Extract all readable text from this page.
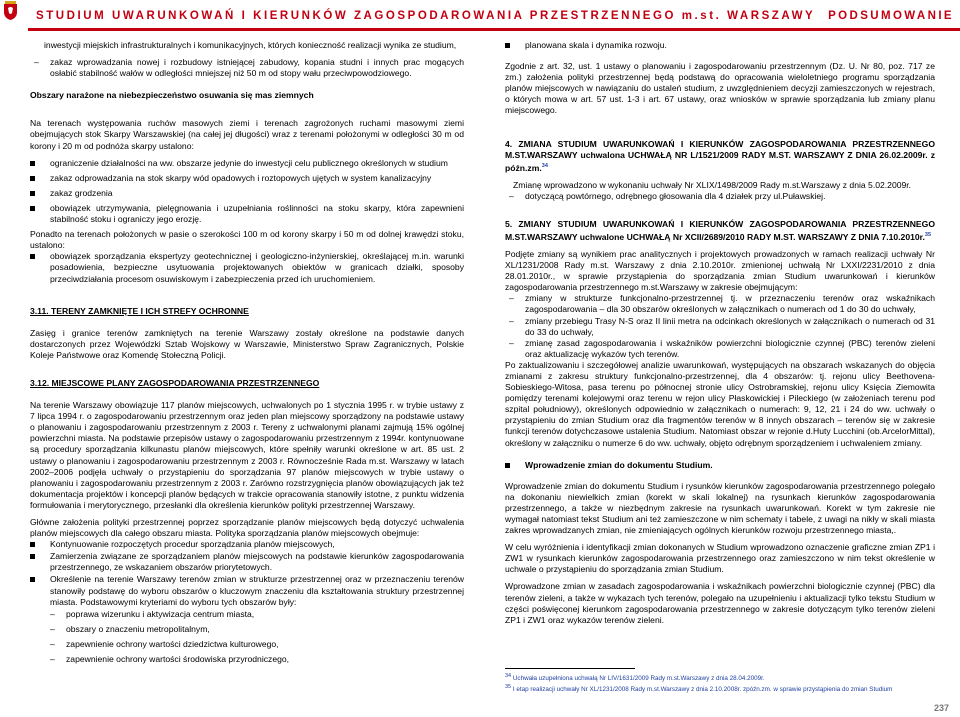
STUDIUM UWARUNKOWAŃ I KIERUNKÓW ZAGOSPODAROWANIA PRZESTRZENNEGO m.st. WARSZAWY PODSUMOWANIE

inwestycji miejskich infrastrukturalnych i komunikacyjnych, których konieczność realizacji wynika ze studium,

– zakaz wprowadzania nowej i rozbudowy istniejącej zabudowy, kopania studni i innych prac mogących osłabić stabilność wałów w odległości mniejszej niż 50 m od stopy wału przeciwpowodziowego.

Obszary narażone na niebezpieczeństwo osuwania się mas ziemnych

Na terenach występowania ruchów masowych ziemi i terenach zagrożonych ruchami masowymi ziemi obejmujących stok Skarpy Warszawskiej (na całej jej długości) wraz z terenami położonymi w odległości 30 m od korony i 20 m od podnóża skarpy ustalono:

ograniczenie działalności na ww. obszarze jedynie do inwestycji celu publicznego określonych w studium
zakaz odprowadzania na stok skarpy wód opadowych i roztopowych ujętych w system kanalizacyjny
zakaz grodzenia
obowiązek utrzymywania, pielęgnowania i uzupełniania roślinności na stoku skarpy, która zapewnieni stabilność stoku i ograniczy jego erozję.

Ponadto na terenach położonych w pasie o szerokości 100 m od korony skarpy i 50 m od dolnej krawędzi stoku, ustalono:

obowiązek sporządzania ekspertyzy geotechnicznej i geologiczno-inżynierskiej, określającej m.in. warunki posadowienia, bezpieczne usytuowania projektowanych obiektów w granicach działki, sposoby przeciwdziałania procesom osuwiskowym i zabezpieczenia przed ich uruchomieniem.

3.11. TERENY ZAMKNIĘTE I ICH STREFY OCHRONNE

Zasięg i granice terenów zamkniętych na terenie Warszawy zostały określone na podstawie danych dostarczonych przez Wojewódzki Sztab Wojskowy w Warszawie, Ministerstwo Spraw Zagranicznych, Polskie Koleje Państwowe oraz Komendę Stołeczną Policji.

3.12. MIEJSCOWE PLANY ZAGOSPODAROWANIA PRZESTRZENNEGO

Na terenie Warszawy obowiązuje 117 planów miejscowych, uchwalonych po 1 stycznia 1995 r. w trybie ustawy z 7 lipca 1994 r. o zagospodarowaniu przestrzennym oraz jeden plan miejscowy sporządzony na podstawie ustawy o planowaniu i zagospodarowaniu przestrzennym z 2003 r. Tereny z uchwalonymi planami zajmują 15% ogólnej powierzchni miasta. Na podstawie przepisów ustawy o zagospodarowaniu przestrzennym z 1994r. kontynuowane są procedury sporządzania kilkunastu planów miejscowych, które spełniły warunki określone w art. 85 ust. 2 ustawy o planowaniu i zagospodarowaniu przestrzennym z 2003 r. Równocześnie Rada m.st. Warszawy w latach 2002–2006 podjęła uchwały o przystąpieniu do sporządzania 97 planów miejscowych w trybie ustawy o planowaniu i zagospodarowaniu przestrzennym z 2003 r. Zarówno rozstrzygnięcia planów obowiązujących jak też dokumentacja projektów i koncepcji planów będących w trakcie opracowania stanowiły istotne, z punktu widzenia formułowania i merytorycznego, przesłanki dla określenia kierunków polityki przestrzennej Warszawy.

Główne założenia polityki przestrzennej poprzez sporządzanie planów miejscowych będą dotyczyć uchwalenia planów miejscowych dla całego obszaru miasta. Polityka sporządzania planów miejscowych obejmuje:

Kontynuowanie rozpoczętych procedur sporządzania planów miejscowych,
Zamierzenia związane ze sporządzaniem planów miejscowych na podstawie kierunków zagospodarowania przestrzennego, ze wskazaniem obszarów priorytetowych.
Określenie na terenie Warszawy terenów zmian w strukturze przestrzennej oraz w przeznaczeniu terenów stanowiły podstawę do wyboru obszarów o kluczowym znaczeniu dla kształtowania struktury przestrzennej miasta. Podstawowymi kryteriami do wyboru tych obszarów były:
– poprawa wizerunku i aktywizacja centrum miasta,
– obszary o znaczeniu metropolitalnym,
– zapewnienie ochrony wartości dziedzictwa kulturowego,
– zapewnienie ochrony wartości środowiska przyrodniczego,
planowana skala i dynamika rozwoju.

Zgodnie z art. 32, ust. 1 ustawy o planowaniu i zagospodarowaniu przestrzennym (Dz. U. Nr 80, poz. 717 ze zm.) założenia polityki przestrzennej będą podstawą do opracowania wieloletniego programu sporządzania planów miejscowych w nawiązaniu do ustaleń studium, z uwzględnieniem decyzji zamieszczonych w rejestrach, o których mowa w art. 57 ust. 1-3 i art. 67 ustawy, oraz wniosków w sprawie sporządzania lub zmiany planu miejscowego.

4. ZMIANA STUDIUM UWARUNKOWAŃ I KIERUNKÓW ZAGOSPODAROWANIA PRZESTRZENNEGO M.ST.WARSZAWY uchwalona UCHWAŁĄ NR L/1521/2009 RADY M.ST. WARSZAWY Z DNIA 26.02.2009r. z późn.zm.$^{34}$

Zmianę wprowadzono w wykonaniu uchwały Nr XLIX/1498/2009 Rady m.st.Warszawy z dnia 5.02.2009r.

– dotyczącą powtórnego, odrębnego głosowania dla 4 działek przy ul.Puławskiej.

5. ZMIANY STUDIUM UWARUNKOWAŃ I KIERUNKÓW ZAGOSPODAROWANIA PRZESTRZENNEGO M.ST.WARSZAWY uchwalone UCHWAŁĄ Nr XCII/2689/2010 RADY M.ST. WARSZAWY Z DNIA 7.10.2010r.$^{35}$

Podjęte zmiany są wynikiem prac analitycznych i projektowych prowadzonych w ramach realizacji uchwały Nr XL/1231/2008 Rady m.st. Warszawy z dnia 2.10.2010r. zmienionej uchwałą Nr LXXI/2231/2010 z dnia 28.01.2010r., w sprawie przystąpienia do sporządzania zmian Studium uwarunkowań i kierunków zagospodarowania przestrzennego m.st.Warszawy w zakresie obejmującym:

– zmiany w strukturze funkcjonalno-przestrzennej tj. w przeznaczeniu terenów oraz wskaźnikach zagospodarowania – dla 30 obszarów określonych w załącznikach o numerach od 1 do 30 do uchwały,
– zmiany przebiegu Trasy N-S oraz II linii metra na odcinkach określonych w załącznikach o numerach od 31 do 33 do uchwały,
– zmianę zasad zagospodarowania i wskaźników powierzchni biologicznie czynnej (PBC) terenów zieleni oraz aktualizację wykazów tych terenów.

Po zaktualizowaniu i szczegółowej analizie uwarunkowań, występujących na obszarach wskazanych do objęcia zmianami z zakresu struktury funkcjonalno-przestrzennej, dla 4 obszarów: tj. rejonu ulicy Beethovena-Sobieskiego-Witosa, pasa terenu po północnej stronie ulicy Ostrobramskiej, rejonu ulicy Księcia Ziemowita pomiędzy terenami kolejowymi oraz terenu w rejon ulicy Płaskowickiej i Pileckiego (w założeniach terenu pod szpital południowy), określonych odpowiednio w załącznikach o numerach: 9, 12, 21 i 24 do ww. uchwały o przystąpieniu do zmian Studium oraz dla fragmentów terenów w 8 innych obszarach – terenów się w zakresie funkcji terenów dotychczasowe ustalenia Studium. Natomiast obszar w rejonie d.Huty Lucchini (ob.ArcelorMittal), określony w załączniku o numerze 6 do ww. uchwały, objęto odrębnym sporządzeniem i uchwaleniem zmiany.

Wprowadzenie zmian do dokumentu Studium.

Wprowadzenie zmian do dokumentu Studium i rysunków kierunków zagospodarowania przestrzennego polegało na dokonaniu niewielkich zmian (korekt w skali lokalnej) na rysunkach kierunków zagospodarowania przestrzennego, a także w niezbędnym zakresie na rysunkach uwarunkowań. Korekt w tym zakresie nie wymagał natomiast tekst Studium ani też zamieszczone w nim schematy i tabele, z uwagi na nikły w skali miasta zakres wprowadzanych zmian, nie zmieniających ogólnych kierunków rozwoju przestrzennego miasta,.

W celu wyróżnienia i identyfikacji zmian dokonanych w Studium wprowadzono oznaczenie graficzne zmian ZP1 i ZW1 w rysunkach kierunków zagospodarowania przestrzennego oraz zamieszczono w nim tekst określenie w uchwale o przystąpieniu do sporządzania zmian Studium.

Wprowadzone zmian w zasadach zagospodarowania i wskaźnikach powierzchni biologicznie czynnej (PBC) dla terenów zieleni, a także w wykazach tych terenów, polegało na uzupełnieniu i aktualizacji tylko tekstu Studium w części poświęconej kierunkom zagospodarowania przestrzennego w zakresie dotyczącym tylko terenów zieleni ZP1 i ZW1 oraz wykazów terenów zieleni.

$^{34}$ Uchwała uzupełniona uchwałą Nr LIV/1631/2009 Rady m.st.Warszawy z dnia 28.04.2009r.
$^{35}$ I etap realizacji uchwały Nr XL/1231/2008 Rady m.st.Warszawy z dnia 2.10.2008r. zpóźn.zm. w sprawie przystąpienia do zmian Studium
237
